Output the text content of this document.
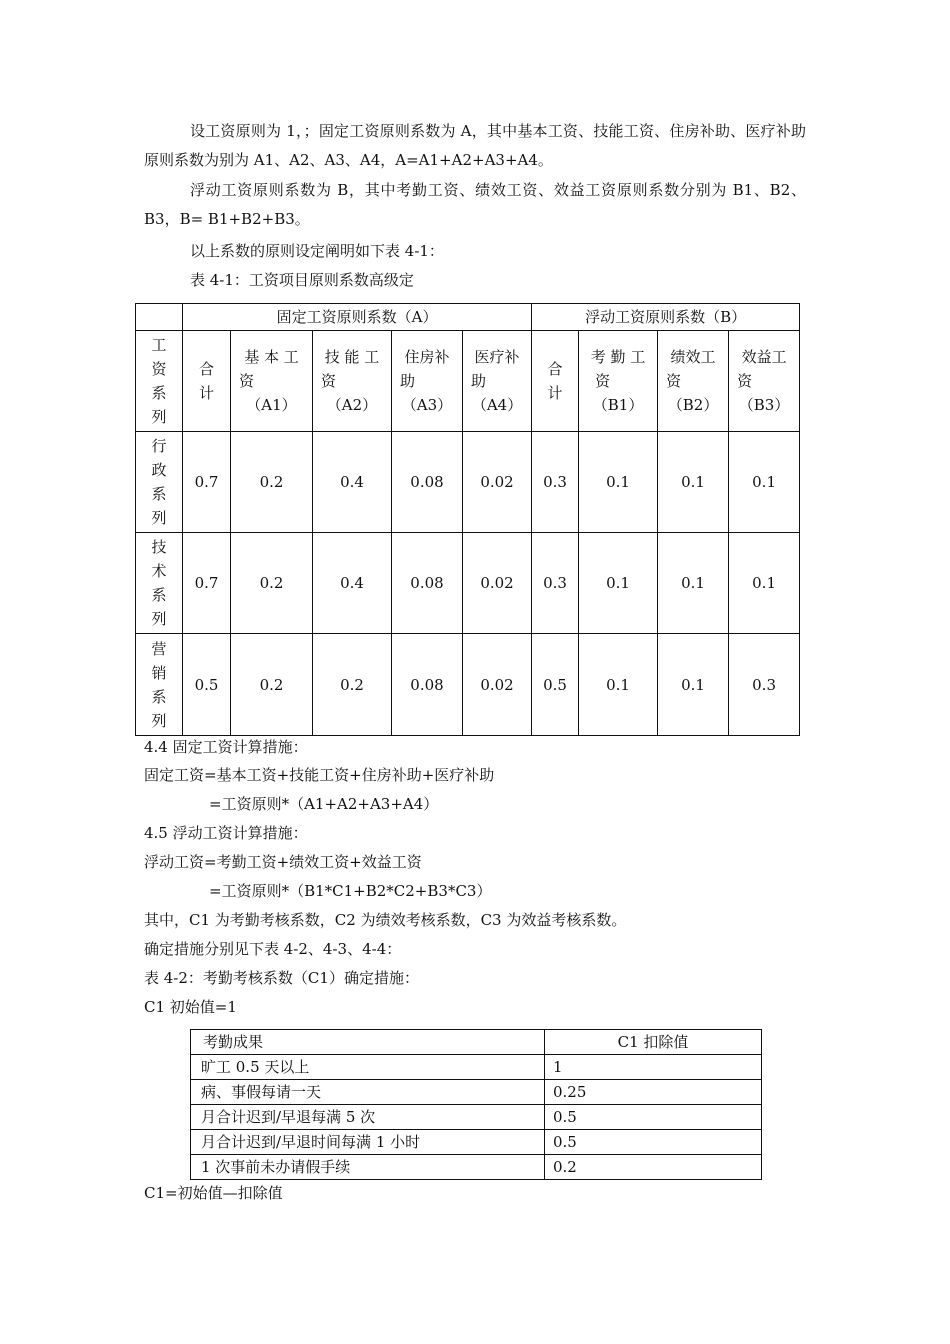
设工资原则为 1，；固定工资原则系数为 A，其中基本工资、技能工资、住房补助、医疗补助原则系数为别为 A1、A2、A3、A4，A=A1+A2+A3+A4。
浮动工资原则系数为 B，其中考勤工资、绩效工资、效益工资原则系数分别为 B1、B2、B3，B= B1+B2+B3。
以上系数的原则设定阐明如下表 4-1：
表 4-1：工资项目原则系数高级定
	固定工资原则系数（A）					浮动工资原则系数（B）			

工
资
系
列	合
计	基 本 工
资
（A1）	技 能 工
资
（A2）	住房补
助
（A3）	医疗补
助
（A4）	合
计	考 勤 工
资
（B1）	绩效工
资
（B2）	效益工
资
（B3）

行
政
系
列	0.7	0.2	0.4	0.08	0.02	0.3	0.1	0.1	0.1

技
术
系
列	0.7	0.2	0.4	0.08	0.02	0.3	0.1	0.1	0.1

营
销
系
列	0.5	0.2	0.2	0.08	0.02	0.5	0.1	0.1	0.3
4.4 固定工资计算措施：
固定工资=基本工资+技能工资+住房补助+医疗补助
=工资原则*（A1+A2+A3+A4）
4.5 浮动工资计算措施：
浮动工资=考勤工资+绩效工资+效益工资
=工资原则*（B1*C1+B2*C2+B3*C3）
其中，C1 为考勤考核系数，C2 为绩效考核系数，C3 为效益考核系数。
确定措施分别见下表 4-2、4-3、4-4：
表 4-2：考勤考核系数（C1）确定措施：
C1 初始值=1
考勤成果	C1 扣除值
旷工 0.5 天以上	1
病、事假每请一天	0.25
月合计迟到/早退每满 5 次	0.5
月合计迟到/早退时间每满 1 小时	0.5
1 次事前未办请假手续	0.2
C1=初始值—扣除值
